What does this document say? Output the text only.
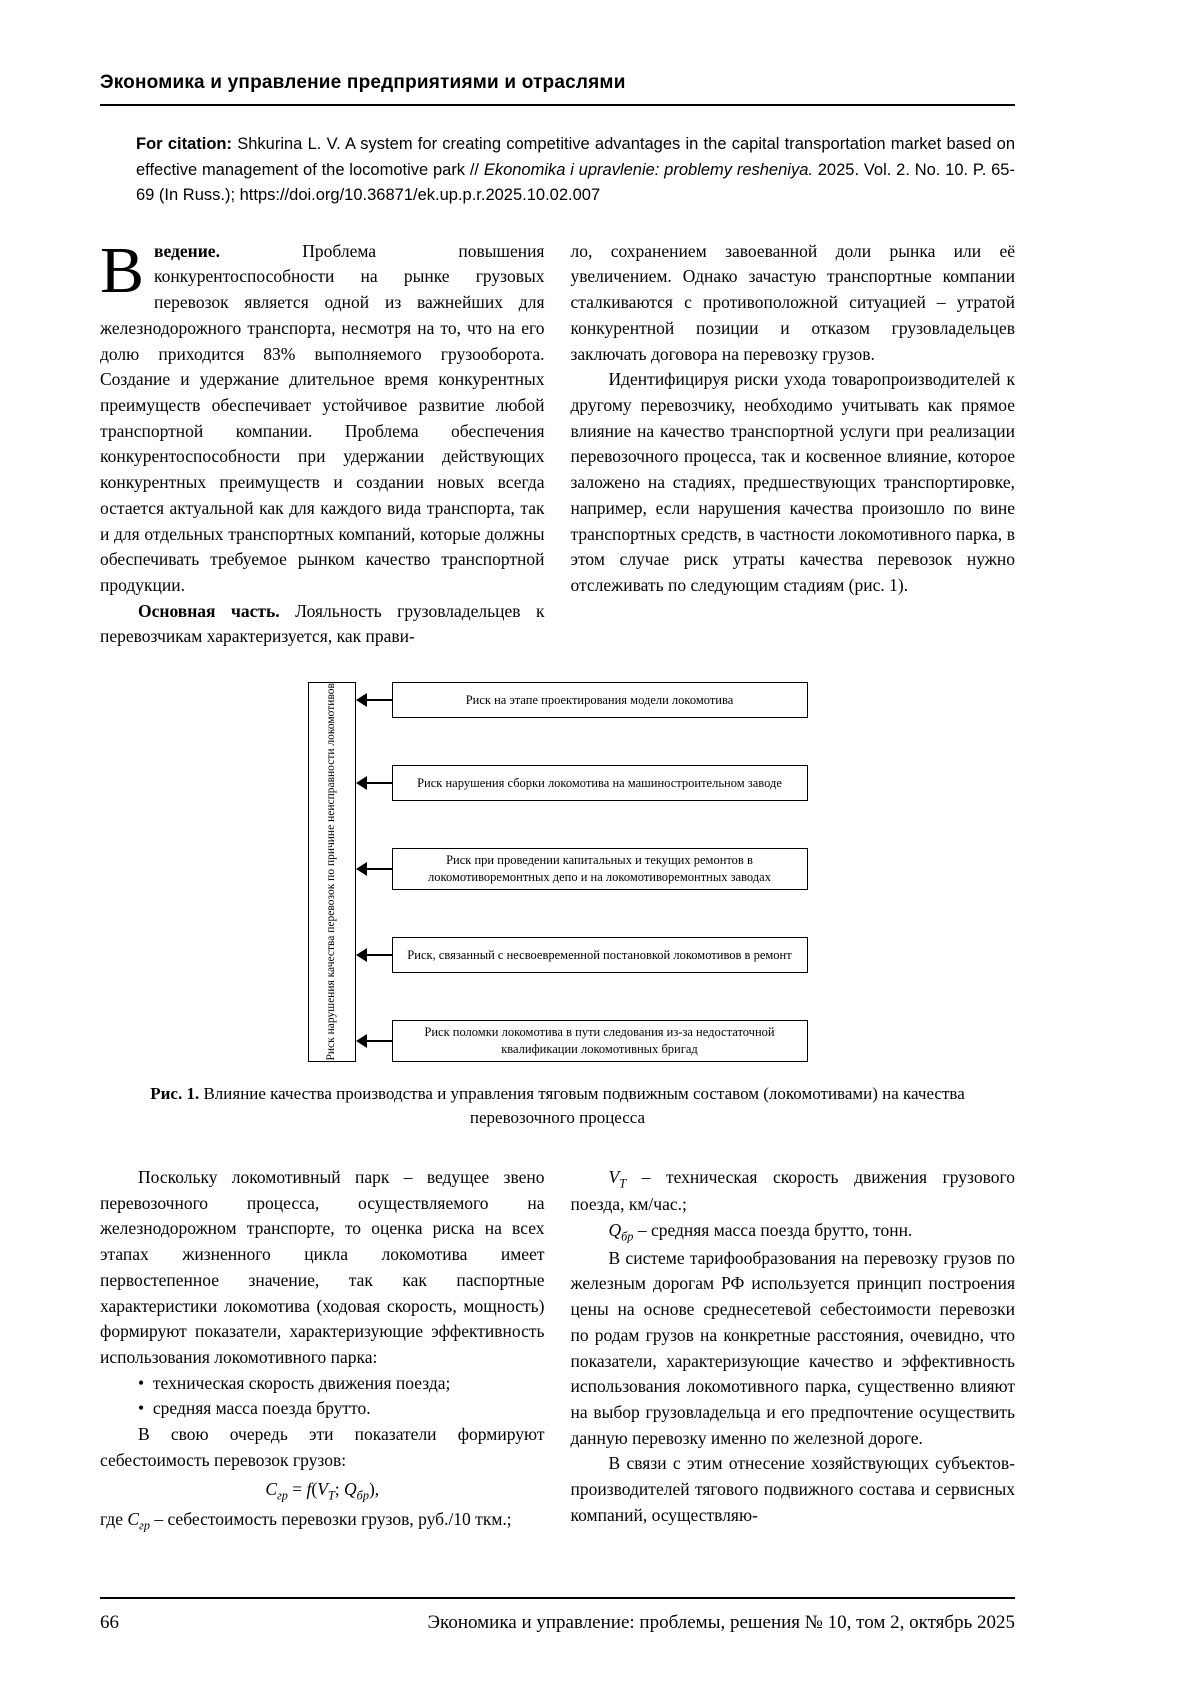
Экономика и управление предприятиями и отраслями

For citation: Shkurina L. V. A system for creating competitive advantages in the capital transportation market based on effective management of the locomotive park // Ekonomika i upravlenie: problemy resheniya. 2025. Vol. 2. No. 10. P. 65-69 (In Russ.); https://doi.org/10.36871/ek.up.p.r.2025.10.02.007

Введение. Проблема повышения конкурентоспособности на рынке грузовых перевозок является одной из важнейших для железнодорожного транспорта, несмотря на то, что на его долю приходится 83% выполняемого грузооборота. Создание и удержание длительное время конкурентных преимуществ обеспечивает устойчивое развитие любой транспортной компании. Проблема обеспечения конкурентоспособности при удержании действующих конкурентных преимуществ и создании новых всегда остается актуальной как для каждого вида транспорта, так и для отдельных транспортных компаний, которые должны обеспечивать требуемое рынком качество транспортной продукции.

Основная часть. Лояльность грузовладельцев к перевозчикам характеризуется, как прави-

ло, сохранением завоеванной доли рынка или её увеличением. Однако зачастую транспортные компании сталкиваются с противоположной ситуацией – утратой конкурентной позиции и отказом грузовладельцев заключать договора на перевозку грузов.

Идентифицируя риски ухода товаропроизводителей к другому перевозчику, необходимо учитывать как прямое влияние на качество транспортной услуги при реализации перевозочного процесса, так и косвенное влияние, которое заложено на стадиях, предшествующих транспортировке, например, если нарушения качества произошло по вине транспортных средств, в частности локомотивного парка, в этом случае риск утраты качества перевозок нужно отслеживать по следующим стадиям (рис. 1).

Риск нарушения качества перевозок по причине неисправности локомотивов	Риск на этапе проектирования модели локомотива
Риск нарушения сборки локомотива на машиностроительном заводе
Риск при проведении капитальных и текущих ремонтов в локомотиворемонтных депо и на локомотиворемонтных заводах
Риск, связанный с несвоевременной постановкой локомотивов в ремонт
Риск поломки локомотива в пути следования из-за недостаточной квалификации локомотивных бригад
Рис. 1. Влияние качества производства и управления тяговым подвижным составом (локомотивами) на качества перевозочного процесса

Поскольку локомотивный парк – ведущее звено перевозочного процесса, осуществляемого на железнодорожном транспорте, то оценка риска на всех этапах жизненного цикла локомотива имеет первостепенное значение, так как паспортные характеристики локомотива (ходовая скорость, мощность) формируют показатели, характеризующие эффективность использования локомотивного парка:

•  техническая скорость движения поезда;
•  средняя масса поезда брутто.

В свою очередь эти показатели формируют себестоимость перевозок грузов:

$С_{гр} = f(V_Т$; $Q_{бр}$),

где $С_{гр}$ – себестоимость перевозки грузов, руб./10 ткм.;

$V_Т$ – техническая скорость движения грузового поезда, км/час.;

$Q_{бр}$ – средняя масса поезда брутто, тонн.

В системе тарифообразования на перевозку грузов по железным дорогам РФ используется принцип построения цены на основе среднесетевой себестоимости перевозки по родам грузов на конкретные расстояния, очевидно, что показатели, характеризующие качество и эффективность использования локомотивного парка, существенно влияют на выбор грузовладельца и его предпочтение осуществить данную перевозку именно по железной дороге.

В связи с этим отнесение хозяйствующих субъектов-производителей тягового подвижного состава и сервисных компаний, осуществляю-

66	Экономика и управление: проблемы, решения № 10, том 2, октябрь 2025
